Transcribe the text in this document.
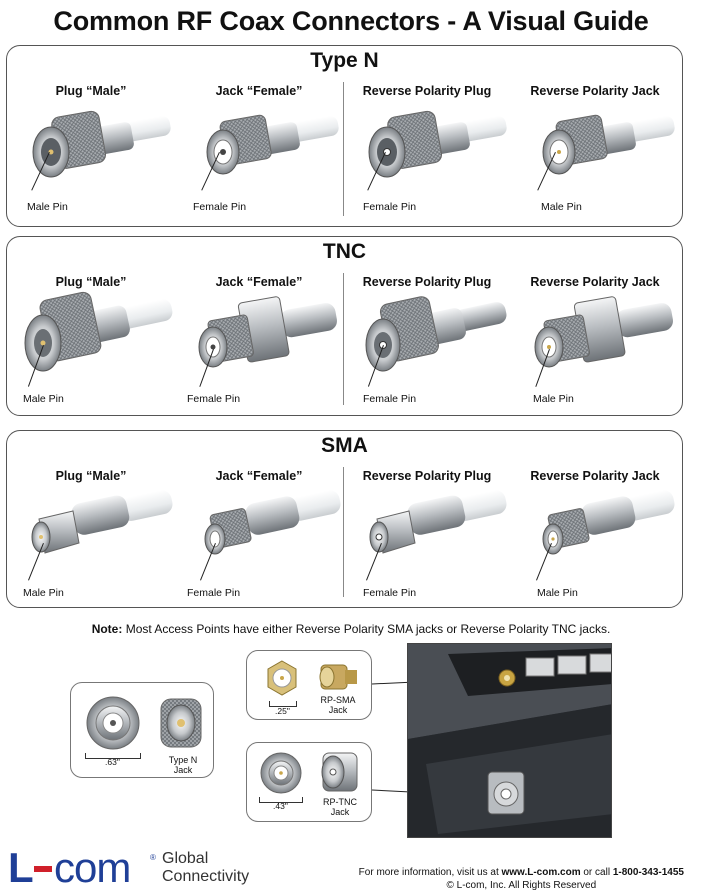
Common RF Coax Connectors - A Visual Guide
Type N
Plug “Male”
Male Pin
Jack “Female”
Female Pin
Reverse Polarity Plug
Female Pin
Reverse Polarity Jack
Male Pin
TNC
Plug “Male”
Male Pin
Jack “Female”
Female Pin
Reverse Polarity Plug
Female Pin
Reverse Polarity Jack
Male Pin
SMA
Plug “Male”
Male Pin
Jack “Female”
Female Pin
Reverse Polarity Plug
Female Pin
Reverse Polarity Jack
Male Pin
Note: Most Access Points have either Reverse Polarity SMA jacks or Reverse Polarity TNC jacks.
.63"	Type N
Jack
.25"
RP-SMA
Jack
.43"	RP-TNC
Jack
L com ® Global
Connectivity	For more information, visit us at www.L-com.com or call 1-800-343-1455
© L-com, Inc. All Rights Reserved
